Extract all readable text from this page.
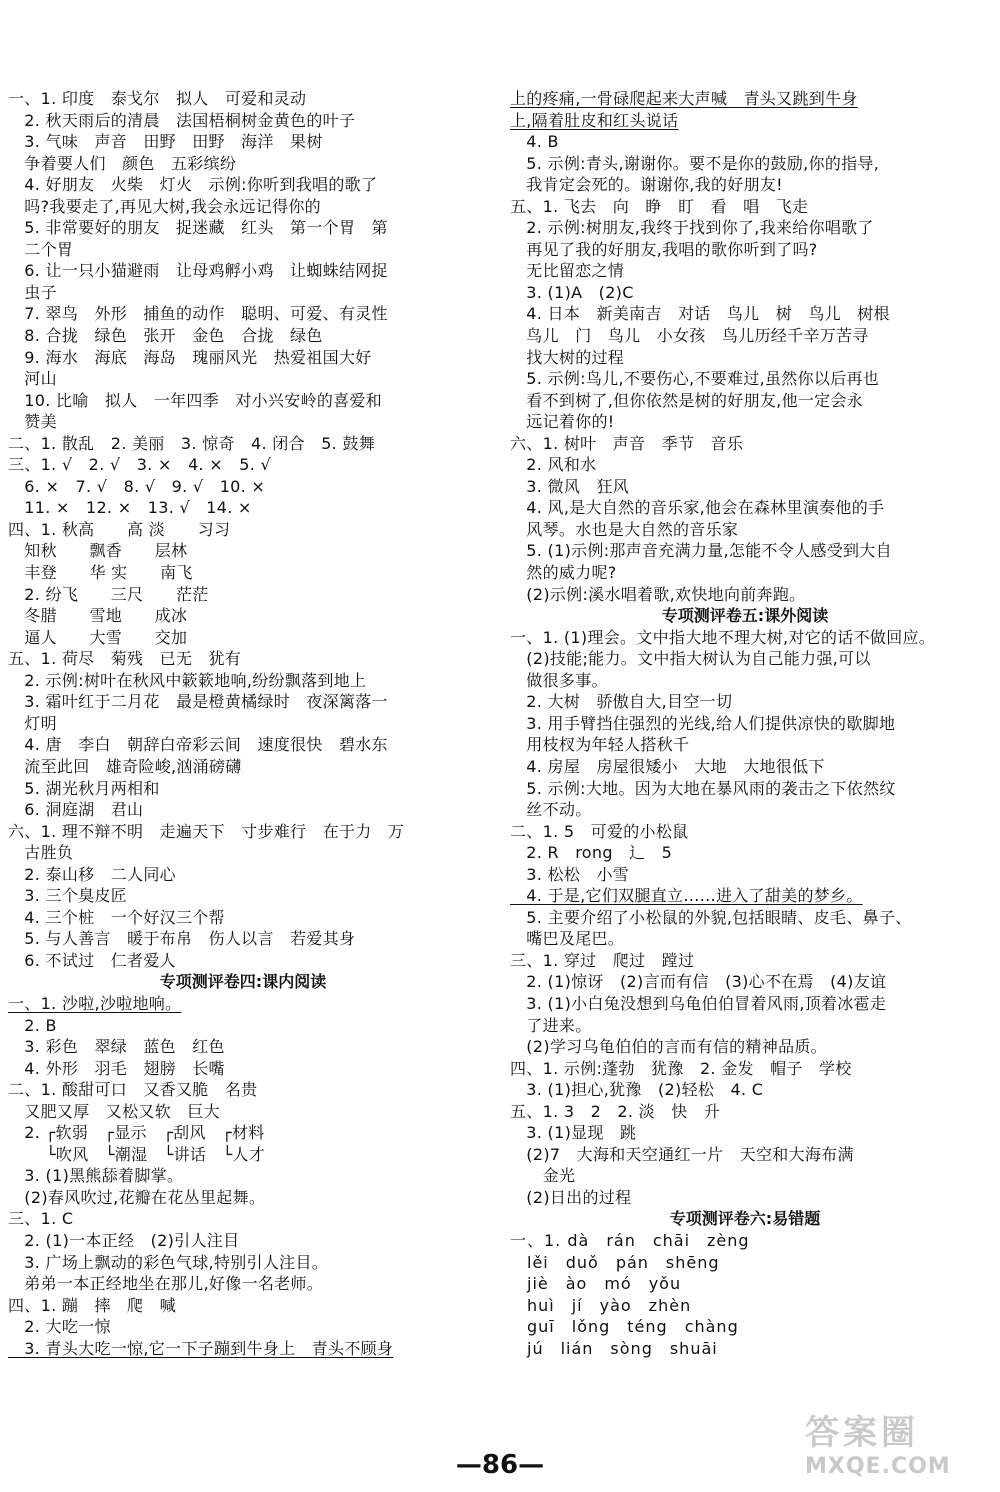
一、1. 印度　泰戈尔　拟人　可爱和灵动
　2. 秋天雨后的清晨　法国梧桐树金黄色的叶子
　3. 气味　声音　田野　田野　海洋　果树
　争着要人们　颜色　五彩缤纷
　4. 好朋友　火柴　灯火　示例:你听到我唱的歌了
　吗?我要走了,再见大树,我会永远记得你的
　5. 非常要好的朋友　捉迷藏　红头　第一个胃　第
　二个胃
　6. 让一只小猫避雨　让母鸡孵小鸡　让蜘蛛结网捉
　虫子
　7. 翠鸟　外形　捕鱼的动作　聪明、可爱、有灵性
　8. 合拢　绿色　张开　金色　合拢　绿色
　9. 海水　海底　海岛　瑰丽风光　热爱祖国大好
　河山
　10. 比喻　拟人　一年四季　对小兴安岭的喜爱和
　赞美
二、1. 散乱　2. 美丽　3. 惊奇　4. 闭合　5. 鼓舞
三、1. √　2. √　3. ×　4. ×　5. √
　6. ×　7. √　8. √　9. √　10. ×
　11. ×　12. ×　13. √　14. ×
四、1. 秋高　　高 淡　　习习
　知秋　　飘香　　层林
　丰登　　华 实　　南飞
　2. 纷飞　　三尺　　茫茫
　冬腊　　雪地　　成冰
　逼人　　大雪　　交加
五、1. 荷尽　菊残　已无　犹有
　2. 示例:树叶在秋风中簌簌地响,纷纷飘落到地上
　3. 霜叶红于二月花　最是橙黄橘绿时　夜深篱落一
　灯明
　4. 唐　李白　朝辞白帝彩云间　速度很快　碧水东
　流至此回　雄奇险峻,汹涌磅礴
　5. 湖光秋月两相和
　6. 洞庭湖　君山
六、1. 理不辩不明　走遍天下　寸步难行　在于力　万
　古胜负
　2. 泰山移　二人同心
　3. 三个臭皮匠
　4. 三个桩　一个好汉三个帮
　5. 与人善言　暖于布帛　伤人以言　若爱其身
　6. 不试过　仁者爱人
专项测评卷四:课内阅读
一、1. 沙啦,沙啦地响。
　2. B
　3. 彩色　翠绿　蓝色　红色
　4. 外形　羽毛　翅膀　长嘴
二、1. 酸甜可口　又香又脆　名贵
　又肥又厚　又松又软　巨大
　2. ┌软弱　┌显示　┌刮风　┌材料
　　 └吹风　└潮湿　└讲话　└人才
　3. (1)黑熊舔着脚掌。
　(2)春风吹过,花瓣在花丛里起舞。
三、1. C
　2. (1)一本正经　(2)引人注目
　3. 广场上飘动的彩色气球,特别引人注目。
　弟弟一本正经地坐在那儿,好像一名老师。
四、1. 蹦　摔　爬　喊
　2. 大吃一惊
　3. 青头大吃一惊,它一下子蹦到牛身上　青头不顾身
上的疼痛,一骨碌爬起来大声喊　青头又跳到牛身
上,隔着肚皮和红头说话
　4. B
　5. 示例:青头,谢谢你。要不是你的鼓励,你的指导,
　我肯定会死的。谢谢你,我的好朋友!
五、1. 飞去　向　睁　盯　看　唱　飞走
　2. 示例:树朋友,我终于找到你了,我来给你唱歌了
　再见了我的好朋友,我唱的歌你听到了吗?
　无比留恋之情
　3. (1)A　(2)C
　4. 日本　新美南吉　对话　鸟儿　树　鸟儿　树根
　鸟儿　门　鸟儿　小女孩　鸟儿历经千辛万苦寻
　找大树的过程
　5. 示例:鸟儿,不要伤心,不要难过,虽然你以后再也
　看不到树了,但你依然是树的好朋友,他一定会永
　远记着你的!
六、1. 树叶　声音　季节　音乐
　2. 风和水
　3. 微风　狂风
　4. 风,是大自然的音乐家,他会在森林里演奏他的手
　风琴。水也是大自然的音乐家
　5. (1)示例:那声音充满力量,怎能不令人感受到大自
　然的威力呢?
　(2)示例:溪水唱着歌,欢快地向前奔跑。
专项测评卷五:课外阅读
一、1. (1)理会。文中指大地不理大树,对它的话不做回应。
　(2)技能;能力。文中指大树认为自己能力强,可以
　做很多事。
　2. 大树　骄傲自大,目空一切
　3. 用手臂挡住强烈的光线,给人们提供凉快的歇脚地
　用枝杈为年轻人搭秋千
　4. 房屋　房屋很矮小　大地　大地很低下
　5. 示例:大地。因为大地在暴风雨的袭击之下依然纹
　丝不动。
二、1. 5　可爱的小松鼠
　2. R　rong　辶　5
　3. 松松　小雪
　4. 于是,它们双腿直立……进入了甜美的梦乡。
　5. 主要介绍了小松鼠的外貌,包括眼睛、皮毛、鼻子、
　嘴巴及尾巴。
三、1. 穿过　爬过　蹚过
　2. (1)惊讶　(2)言而有信　(3)心不在焉　(4)友谊
　3. (1)小白兔没想到乌龟伯伯冒着风雨,顶着冰雹走
　了进来。
　(2)学习乌龟伯伯的言而有信的精神品质。
四、1. 示例:蓬勃　犹豫　2. 金发　帽子　学校
　3. (1)担心,犹豫　(2)轻松　4. C
五、1. 3　2　2. 淡　快　升
　3. (1)显现　跳
　(2)7　大海和天空通红一片　天空和大海布满
　　金光
　(2)日出的过程
专项测评卷六:易错题
一、1. dà　rán　chāi　zèng
　lěi　duǒ　pán　shēng
　jiè　ào　mó　yǒu
　huì　jí　yào　zhèn
　guī　lǒng　téng　chàng
　jú　lián　sòng　shuāi
—86—
答案圈
MXQE.COM
